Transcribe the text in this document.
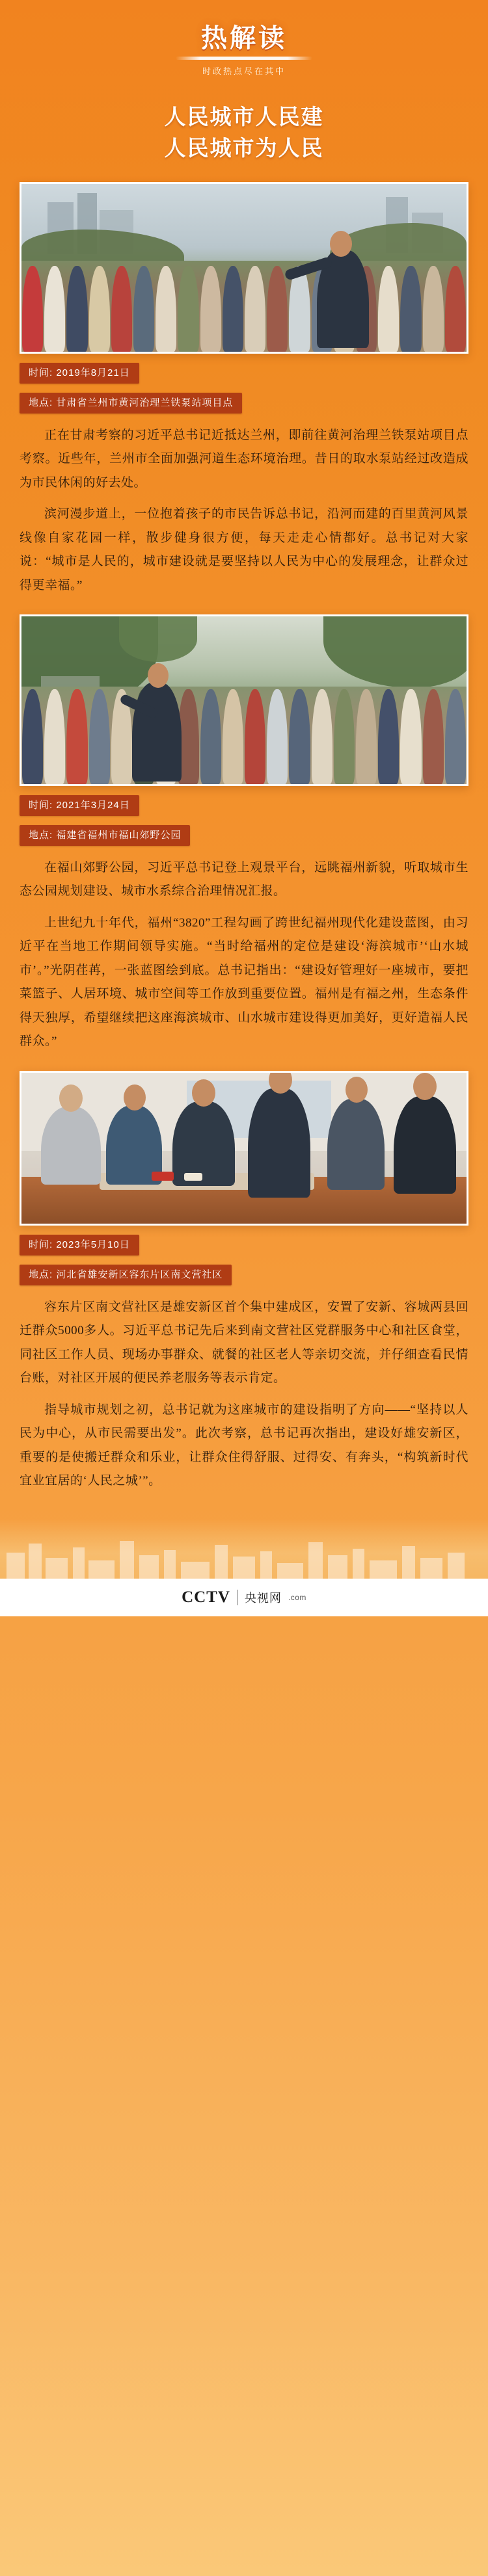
热解读
时政热点尽在其中
人民城市人民建
人民城市为人民
时间: 2019年8月21日
地点: 甘肃省兰州市黄河治理兰铁泵站项目点

正在甘肃考察的习近平总书记近抵达兰州，即前往黄河治理兰铁泵站项目点考察。近些年，兰州市全面加强河道生态环境治理。昔日的取水泵站经过改造成为市民休闲的好去处。

滨河漫步道上，一位抱着孩子的市民告诉总书记，沿河而建的百里黄河风景线像自家花园一样，散步健身很方便，每天走走心情都好。总书记对大家说：“城市是人民的，城市建设就是要坚持以人民为中心的发展理念，让群众过得更幸福。”

时间: 2021年3月24日
地点: 福建省福州市福山郊野公园

在福山郊野公园，习近平总书记登上观景平台，远眺福州新貌，听取城市生态公园规划建设、城市水系综合治理情况汇报。

上世纪九十年代，福州“3820”工程勾画了跨世纪福州现代化建设蓝图，由习近平在当地工作期间领导实施。“当时给福州的定位是建设‘海滨城市’‘山水城市’。”光阴荏苒，一张蓝图绘到底。总书记指出：“建设好管理好一座城市，要把菜篮子、人居环境、城市空间等工作放到重要位置。福州是有福之州，生态条件得天独厚，希望继续把这座海滨城市、山水城市建设得更加美好，更好造福人民群众。”

时间: 2023年5月10日
地点: 河北省雄安新区容东片区南文营社区

容东片区南文营社区是雄安新区首个集中建成区，安置了安新、容城两县回迁群众5000多人。习近平总书记先后来到南文营社区党群服务中心和社区食堂，同社区工作人员、现场办事群众、就餐的社区老人等亲切交流，并仔细查看民情台账，对社区开展的便民养老服务等表示肯定。

指导城市规划之初，总书记就为这座城市的建设指明了方向——“坚持以人民为中心，从市民需要出发”。此次考察，总书记再次指出，建设好雄安新区，重要的是使搬迁群众和乐业，让群众住得舒服、过得安、有奔头，“构筑新时代宜业宜居的‘人民之城’”。

CCTV 央视网 .com
